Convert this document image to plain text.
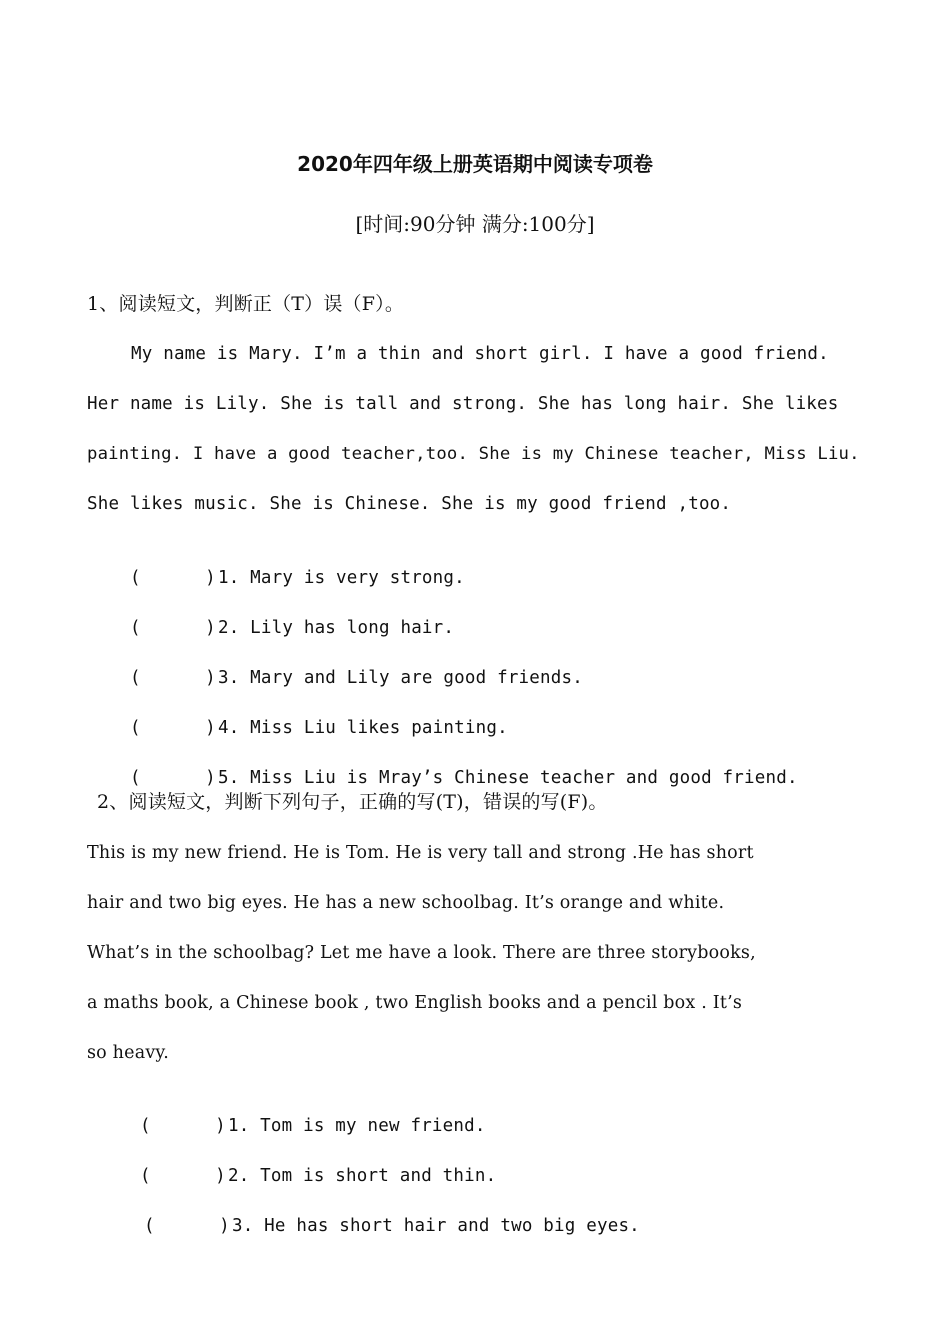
2020年四年级上册英语期中阅读专项卷
[时间:90分钟 满分:100分]
1、阅读短文，判断正（T）误（F）。
My name is Mary. I’m a thin and short girl. I have a good friend.
Her name is Lily. She is tall and strong. She has long hair. She likes
painting. I have a good teacher,too. She is my Chinese teacher, Miss Liu.
She likes music. She is Chinese. She is my good friend ,too.

(      ) 1. Mary is very strong.

(      ) 2. Lily has long hair.

(      ) 3. Mary and Lily are good friends.

(      ) 4. Miss Liu likes painting.

(      ) 5. Miss Liu is Mray’s Chinese teacher and good friend.

2、阅读短文，判断下列句子，正确的写(T)，错误的写(F)。
This is my new friend. He is Tom. He is very tall and strong .He has short
hair and two big eyes. He has a new schoolbag. It’s orange and white.
What’s in the schoolbag? Let me have a look. There are three storybooks,
a maths book, a Chinese book , two English books and a pencil box . It’s
so heavy.

(      ) 1. Tom is my new friend.

(      ) 2. Tom is short and thin.

(      ) 3. He has short hair and two big eyes.
